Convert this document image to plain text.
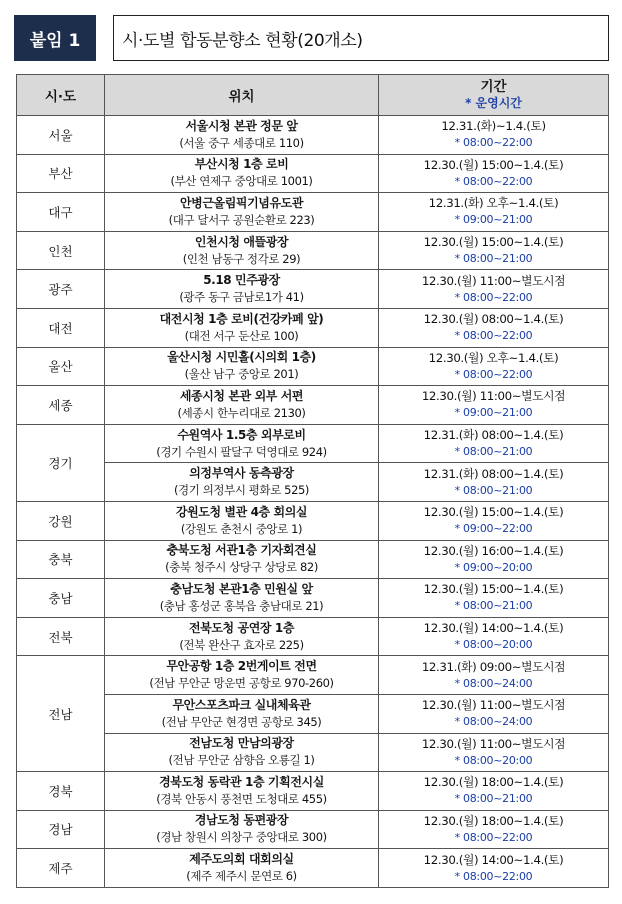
붙임 1	시·도별 합동분향소 현황(20개소)
시·도	위치	기간
* 운영시간

서울	서울시청 본관 정문 앞
(서울 중구 세종대로 110)	12.31.(화)~1.4.(토)
* 08:00~22:00

부산	부산시청 1층 로비
(부산 연제구 중앙대로 1001)	12.30.(월) 15:00~1.4.(토)
* 08:00~22:00

대구	안병근올림픽기념유도관
(대구 달서구 공원순환로 223)	12.31.(화) 오후~1.4.(토)
* 09:00~21:00

인천	인천시청 애뜰광장
(인천 남동구 정각로 29)	12.30.(월) 15:00~1.4.(토)
* 08:00~21:00

광주	5.18 민주광장
(광주 동구 금남로1가 41)	12.30.(월) 11:00~별도시점
* 08:00~22:00

대전	대전시청 1층 로비(건강카페 앞)
(대전 서구 둔산로 100)	12.30.(월) 08:00~1.4.(토)
* 08:00~22:00

울산	울산시청 시민홀(시의회 1층)
(울산 남구 중앙로 201)	12.30.(월) 오후~1.4.(토)
* 08:00~22:00

세종	세종시청 본관 외부 서편
(세종시 한누리대로 2130)	12.30.(월) 11:00~별도시점
* 09:00~21:00

경기	수원역사 1.5층 외부로비
(경기 수원시 팔달구 덕영대로 924)	12.31.(화) 08:00~1.4.(토)
* 08:00~21:00

	의정부역사 동측광장
(경기 의정부시 평화로 525)	12.31.(화) 08:00~1.4.(토)
* 08:00~21:00

강원	강원도청 별관 4층 회의실
(강원도 춘천시 중앙로 1)	12.30.(월) 15:00~1.4.(토)
* 09:00~22:00

충북	충북도청 서관1층 기자회견실
(충북 청주시 상당구 상당로 82)	12.30.(월) 16:00~1.4.(토)
* 09:00~20:00

충남	충남도청 본관1층 민원실 앞
(충남 홍성군 홍북읍 충남대로 21)	12.30.(월) 15:00~1.4.(토)
* 08:00~21:00

전북	전북도청 공연장 1층
(전북 완산구 효자로 225)	12.30.(월) 14:00~1.4.(토)
* 08:00~20:00

전남	무안공항 1층 2번게이트 전면
(전남 무안군 망운면 공항로 970-260)	12.31.(화) 09:00~별도시점
* 08:00~24:00

	무안스포츠파크 실내체육관
(전남 무안군 현경면 공항로 345)	12.30.(월) 11:00~별도시점
* 08:00~24:00

	전남도청 만남의광장
(전남 무안군 삼향읍 오룡길 1)	12.30.(월) 11:00~별도시점
* 08:00~20:00

경북	경북도청 동락관 1층 기획전시실
(경북 안동시 풍천면 도청대로 455)	12.30.(월) 18:00~1.4.(토)
* 08:00~21:00

경남	경남도청 동편광장
(경남 창원시 의창구 중앙대로 300)	12.30.(월) 18:00~1.4.(토)
* 08:00~22:00

제주	제주도의회 대회의실
(제주 제주시 문연로 6)	12.30.(월) 14:00~1.4.(토)
* 08:00~22:00
